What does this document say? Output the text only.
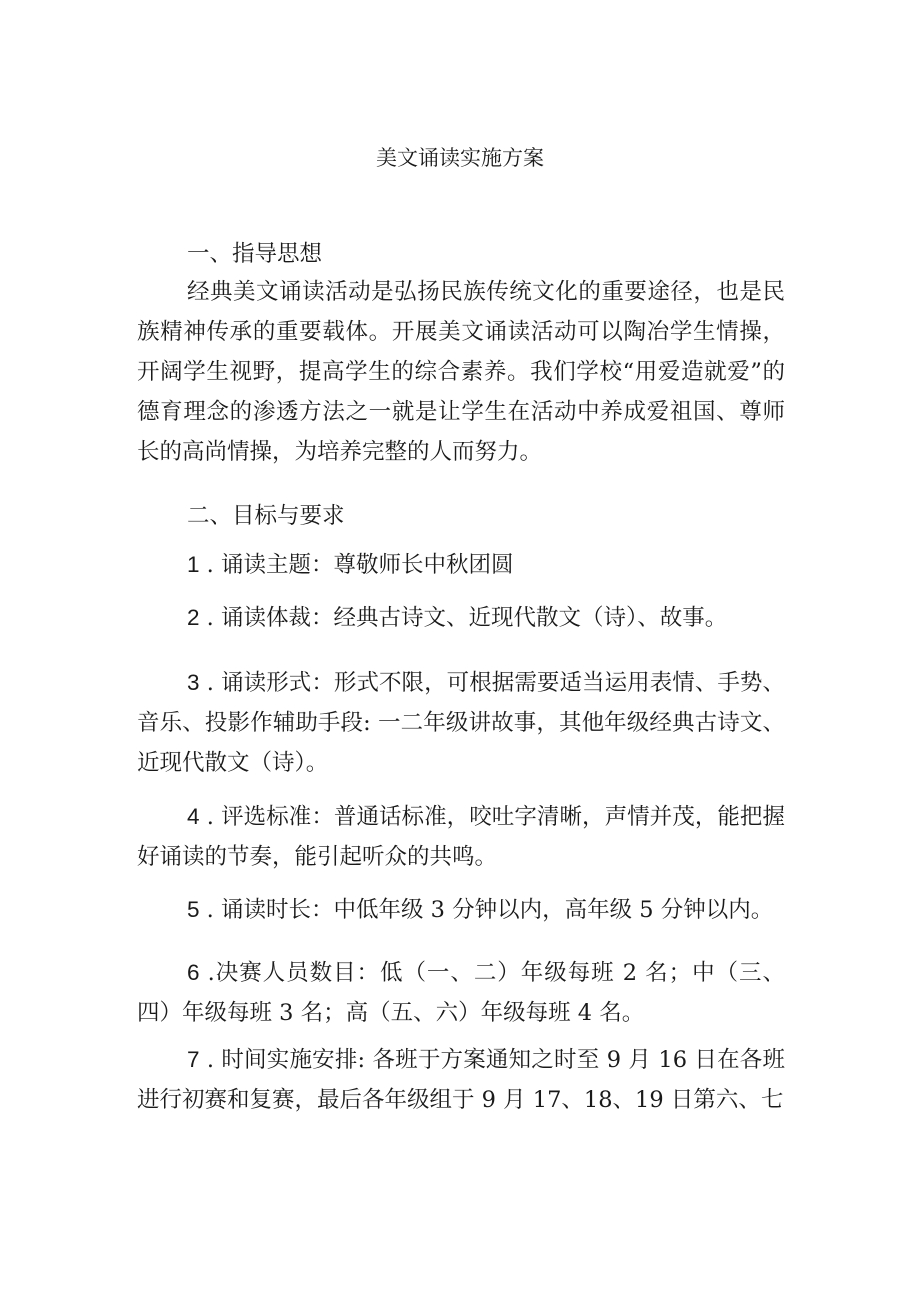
美文诵读实施方案

一、指导思想

经典美文诵读活动是弘扬民族传统文化的重要途径，也是民族精神传承的重要载体。开展美文诵读活动可以陶冶学生情操，开阔学生视野，提高学生的综合素养。我们学校“用爱造就爱”的德育理念的渗透方法之一就是让学生在活动中养成爱祖国、尊师长的高尚情操，为培养完整的人而努力。

二、目标与要求

1 . 诵读主题：尊敬师长中秋团圆

2 . 诵读体裁：经典古诗文、近现代散文（诗）、故事。

3 . 诵读形式：形式不限，可根据需要适当运用表情、手势、音乐、投影作辅助手段: 一二年级讲故事，其他年级经典古诗文、近现代散文（诗）。

4 . 评选标准：普通话标准，咬吐字清晰，声情并茂，能把握好诵读的节奏，能引起听众的共鸣。

5 . 诵读时长：中低年级 3 分钟以内，高年级 5 分钟以内。

6 .决赛人员数目：低（一、二）年级每班 2 名；中（三、四）年级每班 3 名；高（五、六）年级每班 4 名。

7 . 时间实施安排: 各班于方案通知之时至 9 月 16 日在各班进行初赛和复赛，最后各年级组于 9 月 17、18、19 日第六、七
